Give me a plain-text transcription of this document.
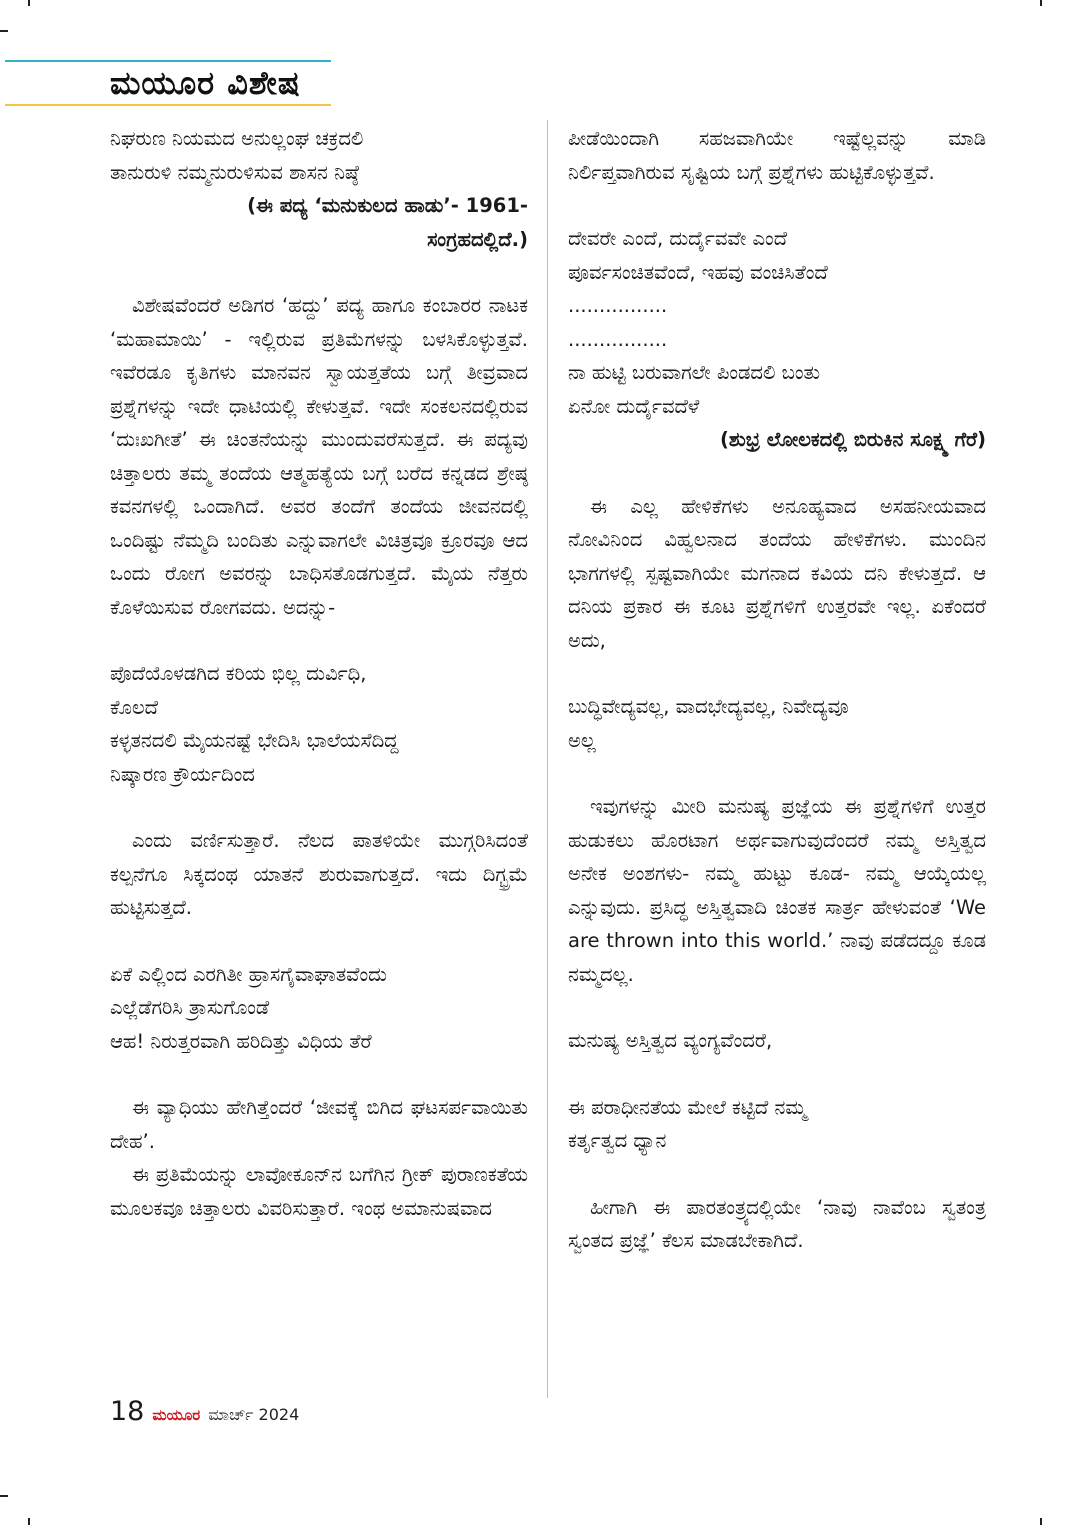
ಮಯೂರ ವಿಶೇಷ
ನಿಘರುಣ ನಿಯಮದ ಅನುಲ್ಲಂಘ ಚಕ್ರದಲಿ
ತಾನುರುಳಿ ನಮ್ಮನುರುಳಿಸುವ ಶಾಸನ ನಿಷ್ಠೆ
(ಈ ಪದ್ಯ ‘ಮನುಕುಲದ ಹಾಡು’- 1961-
ಸಂಗ್ರಹದಲ್ಲಿದೆ.)

ವಿಶೇಷವೆಂದರೆ ಅಡಿಗರ ‘ಹದ್ದು’ ಪದ್ಯ ಹಾಗೂ ಕಂಬಾರರ ನಾಟಕ ‘ಮಹಾಮಾಯಿ’ - ಇಲ್ಲಿರುವ ಪ್ರತಿಮೆಗಳನ್ನು ಬಳಸಿಕೊಳ್ಳುತ್ತವೆ. ಇವೆರಡೂ ಕೃತಿಗಳು ಮಾನವನ ಸ್ವಾಯತ್ತತೆಯ ಬಗ್ಗೆ ತೀವ್ರವಾದ ಪ್ರಶ್ನೆಗಳನ್ನು ಇದೇ ಧಾಟಿಯಲ್ಲಿ ಕೇಳುತ್ತವೆ. ಇದೇ ಸಂಕಲನದಲ್ಲಿರುವ ‘ದುಃಖಗೀತೆ’ ಈ ಚಿಂತನೆಯನ್ನು ಮುಂದುವರೆಸುತ್ತದೆ. ಈ ಪದ್ಯವು ಚಿತ್ತಾಲರು ತಮ್ಮ ತಂದೆಯ ಆತ್ಮಹತ್ಯೆಯ ಬಗ್ಗೆ ಬರೆದ ಕನ್ನಡದ ಶ್ರೇಷ್ಠ ಕವನಗಳಲ್ಲಿ ಒಂದಾಗಿದೆ. ಅವರ ತಂದೆಗೆ ತಂದೆಯ ಜೀವನದಲ್ಲಿ ಒಂದಿಷ್ಟು ನೆಮ್ಮದಿ ಬಂದಿತು ಎನ್ನುವಾಗಲೇ ವಿಚಿತ್ರವೂ ಕ್ರೂರವೂ ಆದ ಒಂದು ರೋಗ ಅವರನ್ನು ಬಾಧಿಸತೊಡಗುತ್ತದೆ. ಮೈಯ ನೆತ್ತರು ಕೊಳೆಯಿಸುವ ರೋಗವದು. ಅದನ್ನು-

ಪೊದೆಯೊಳಡಗಿದ ಕರಿಯ ಭಿಲ್ಲ ದುರ್ವಿಧಿ,
ಕೊಲದೆ
ಕಳ್ಳತನದಲಿ ಮೈಯನಷ್ಟೆ ಭೇದಿಸಿ ಭಾಲೆಯಸೆದಿದ್ದ
ನಿಷ್ಕಾರಣ ಕ್ರೌರ್ಯದಿಂದ

ಎಂದು ವರ್ಣಿಸುತ್ತಾರೆ. ನೆಲದ ಪಾತಳಿಯೇ ಮುಗ್ಗರಿಸಿದಂತೆ ಕಲ್ಪನೆಗೂ ಸಿಕ್ಕದಂಥ ಯಾತನೆ ಶುರುವಾಗುತ್ತದೆ. ಇದು ದಿಗ್ಭ್ರಮೆ ಹುಟ್ಟಿಸುತ್ತದೆ.

ಏಕೆ ಎಲ್ಲಿಂದ ಎರಗಿತೀ ಹ್ರಾಸಗೈವಾಘಾತವೆಂದು
ಎಲ್ಲೆಡೆಗರಿಸಿ ತ್ರಾಸುಗೊಂಡೆ
ಆಹ! ನಿರುತ್ತರವಾಗಿ ಹರಿದಿತ್ತು ವಿಧಿಯ ತೆರೆ

ಈ ವ್ಯಾಧಿಯು ಹೇಗಿತ್ತೆಂದರೆ ‘ಜೀವಕ್ಕೆ ಬಿಗಿದ ಘಟಸರ್ಪವಾಯಿತು ದೇಹ’.

ಈ ಪ್ರತಿಮೆಯನ್ನು ಲಾವೋಕೂನ್‌ನ ಬಗೆಗಿನ ಗ್ರೀಕ್ ಪುರಾಣಕತೆಯ ಮೂಲಕವೂ ಚಿತ್ತಾಲರು ವಿವರಿಸುತ್ತಾರೆ. ಇಂಥ ಅಮಾನುಷವಾದ

ಪೀಡೆಯಿಂದಾಗಿ ಸಹಜವಾಗಿಯೇ ಇಷ್ಟೆಲ್ಲವನ್ನು ಮಾಡಿ ನಿರ್ಲಿಪ್ತವಾಗಿರುವ ಸೃಷ್ಟಿಯ ಬಗ್ಗೆ ಪ್ರಶ್ನೆಗಳು ಹುಟ್ಟಿಕೊಳ್ಳುತ್ತವೆ.

ದೇವರೇ ಎಂದೆ, ದುರ್ದೈವವೇ ಎಂದೆ
ಪೂರ್ವಸಂಚಿತವೆಂದೆ, ಇಹವು ವಂಚಿಸಿತೆಂದೆ
................
................
ನಾ ಹುಟ್ಟಿ ಬರುವಾಗಲೇ ಪಿಂಡದಲಿ ಬಂತು
ಏನೋ ದುರ್ದೈವದೆಳೆ
(ಶುಭ್ರ ಲೋಲಕದಲ್ಲಿ ಬಿರುಕಿನ ಸೂಕ್ಷ್ಮ ಗೆರೆ)

ಈ ಎಲ್ಲ ಹೇಳಿಕೆಗಳು ಅನೂಹ್ಯವಾದ ಅಸಹನೀಯವಾದ ನೋವಿನಿಂದ ವಿಹ್ವಲನಾದ ತಂದೆಯ ಹೇಳಿಕೆಗಳು. ಮುಂದಿನ ಭಾಗಗಳಲ್ಲಿ ಸ್ಪಷ್ಟವಾಗಿಯೇ ಮಗನಾದ ಕವಿಯ ದನಿ ಕೇಳುತ್ತದೆ. ಆ ದನಿಯ ಪ್ರಕಾರ ಈ ಕೂಟ ಪ್ರಶ್ನೆಗಳಿಗೆ ಉತ್ತರವೇ ಇಲ್ಲ. ಏಕೆಂದರೆ ಅದು,

ಬುದ್ಧಿವೇದ್ಯವಲ್ಲ, ವಾದಭೇದ್ಯವಲ್ಲ, ನಿವೇದ್ಯವೂ
ಅಲ್ಲ

ಇವುಗಳನ್ನು ಮೀರಿ ಮನುಷ್ಯ ಪ್ರಜ್ಞೆಯ ಈ ಪ್ರಶ್ನೆಗಳಿಗೆ ಉತ್ತರ ಹುಡುಕಲು ಹೊರಟಾಗ ಅರ್ಥವಾಗುವುದೆಂದರೆ ನಮ್ಮ ಅಸ್ತಿತ್ವದ ಅನೇಕ ಅಂಶಗಳು- ನಮ್ಮ ಹುಟ್ಟು ಕೂಡ- ನಮ್ಮ ಆಯ್ಕೆಯಲ್ಲ ಎನ್ನುವುದು. ಪ್ರಸಿದ್ಧ ಅಸ್ತಿತ್ವವಾದಿ ಚಿಂತಕ ಸಾರ್ತ್ರ ಹೇಳುವಂತೆ ‘We are thrown into this world.’ ನಾವು ಪಡೆದದ್ದೂ ಕೂಡ ನಮ್ಮದಲ್ಲ.

ಮನುಷ್ಯ ಅಸ್ತಿತ್ವದ ವ್ಯಂಗ್ಯವೆಂದರೆ,

ಈ ಪರಾಧೀನತೆಯ ಮೇಲೆ ಕಟ್ಟಿದೆ ನಮ್ಮ
ಕರ್ತೃತ್ವದ ಧ್ಯಾನ

ಹೀಗಾಗಿ ಈ ಪಾರತಂತ್ರ್ಯದಲ್ಲಿಯೇ ‘ನಾವು ನಾವೆಂಬ ಸ್ವತಂತ್ರ ಸ್ವಂತದ ಪ್ರಜ್ಞೆ’ ಕೆಲಸ ಮಾಡಬೇಕಾಗಿದೆ.

18 ಮಯೂರ ಮಾರ್ಚ್ 2024
